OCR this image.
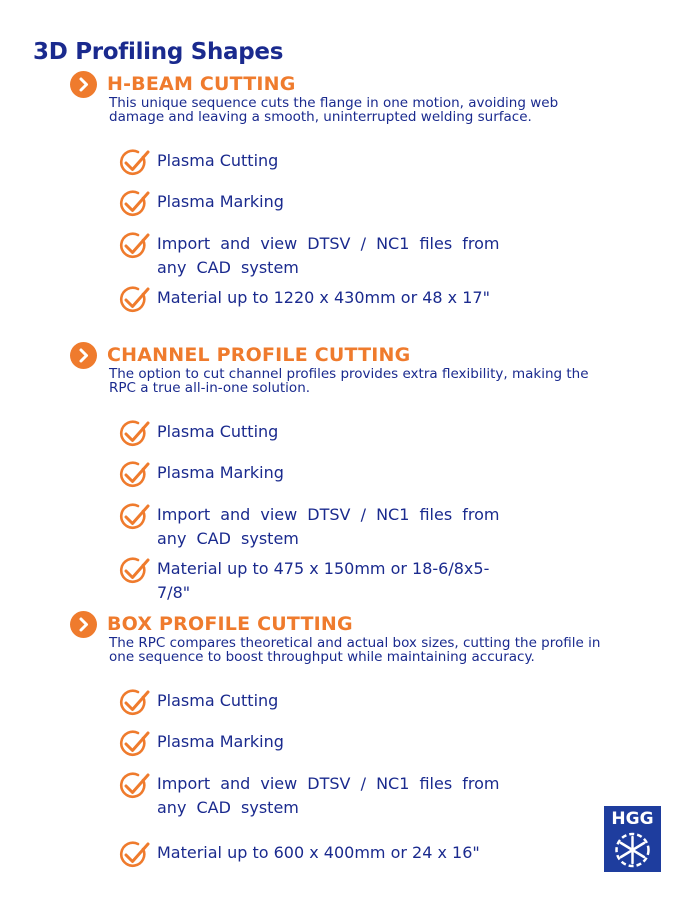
3D Profiling Shapes
H-BEAM CUTTING

This unique sequence cuts the flange in one motion, avoiding web damage and leaving a smooth, uninterrupted welding surface.

Plasma Cutting
Plasma Marking
Import and view DTSV / NC1 files from any CAD system
Material up to 1220 x 430mm or 48 x 17"
CHANNEL PROFILE CUTTING

The option to cut channel profiles provides extra flexibility, making the RPC a true all-in-one solution.

Plasma Cutting
Plasma Marking
Import and view DTSV / NC1 files from any CAD system
Material up to 475 x 150mm or 18-6/8x5-7/8"
BOX PROFILE CUTTING

The RPC compares theoretical and actual box sizes, cutting the profile in one sequence to boost throughput while maintaining accuracy.

Plasma Cutting
Plasma Marking
Import and view DTSV / NC1 files from any CAD system
Material up to 600 x 400mm or 24 x 16"
HGG
